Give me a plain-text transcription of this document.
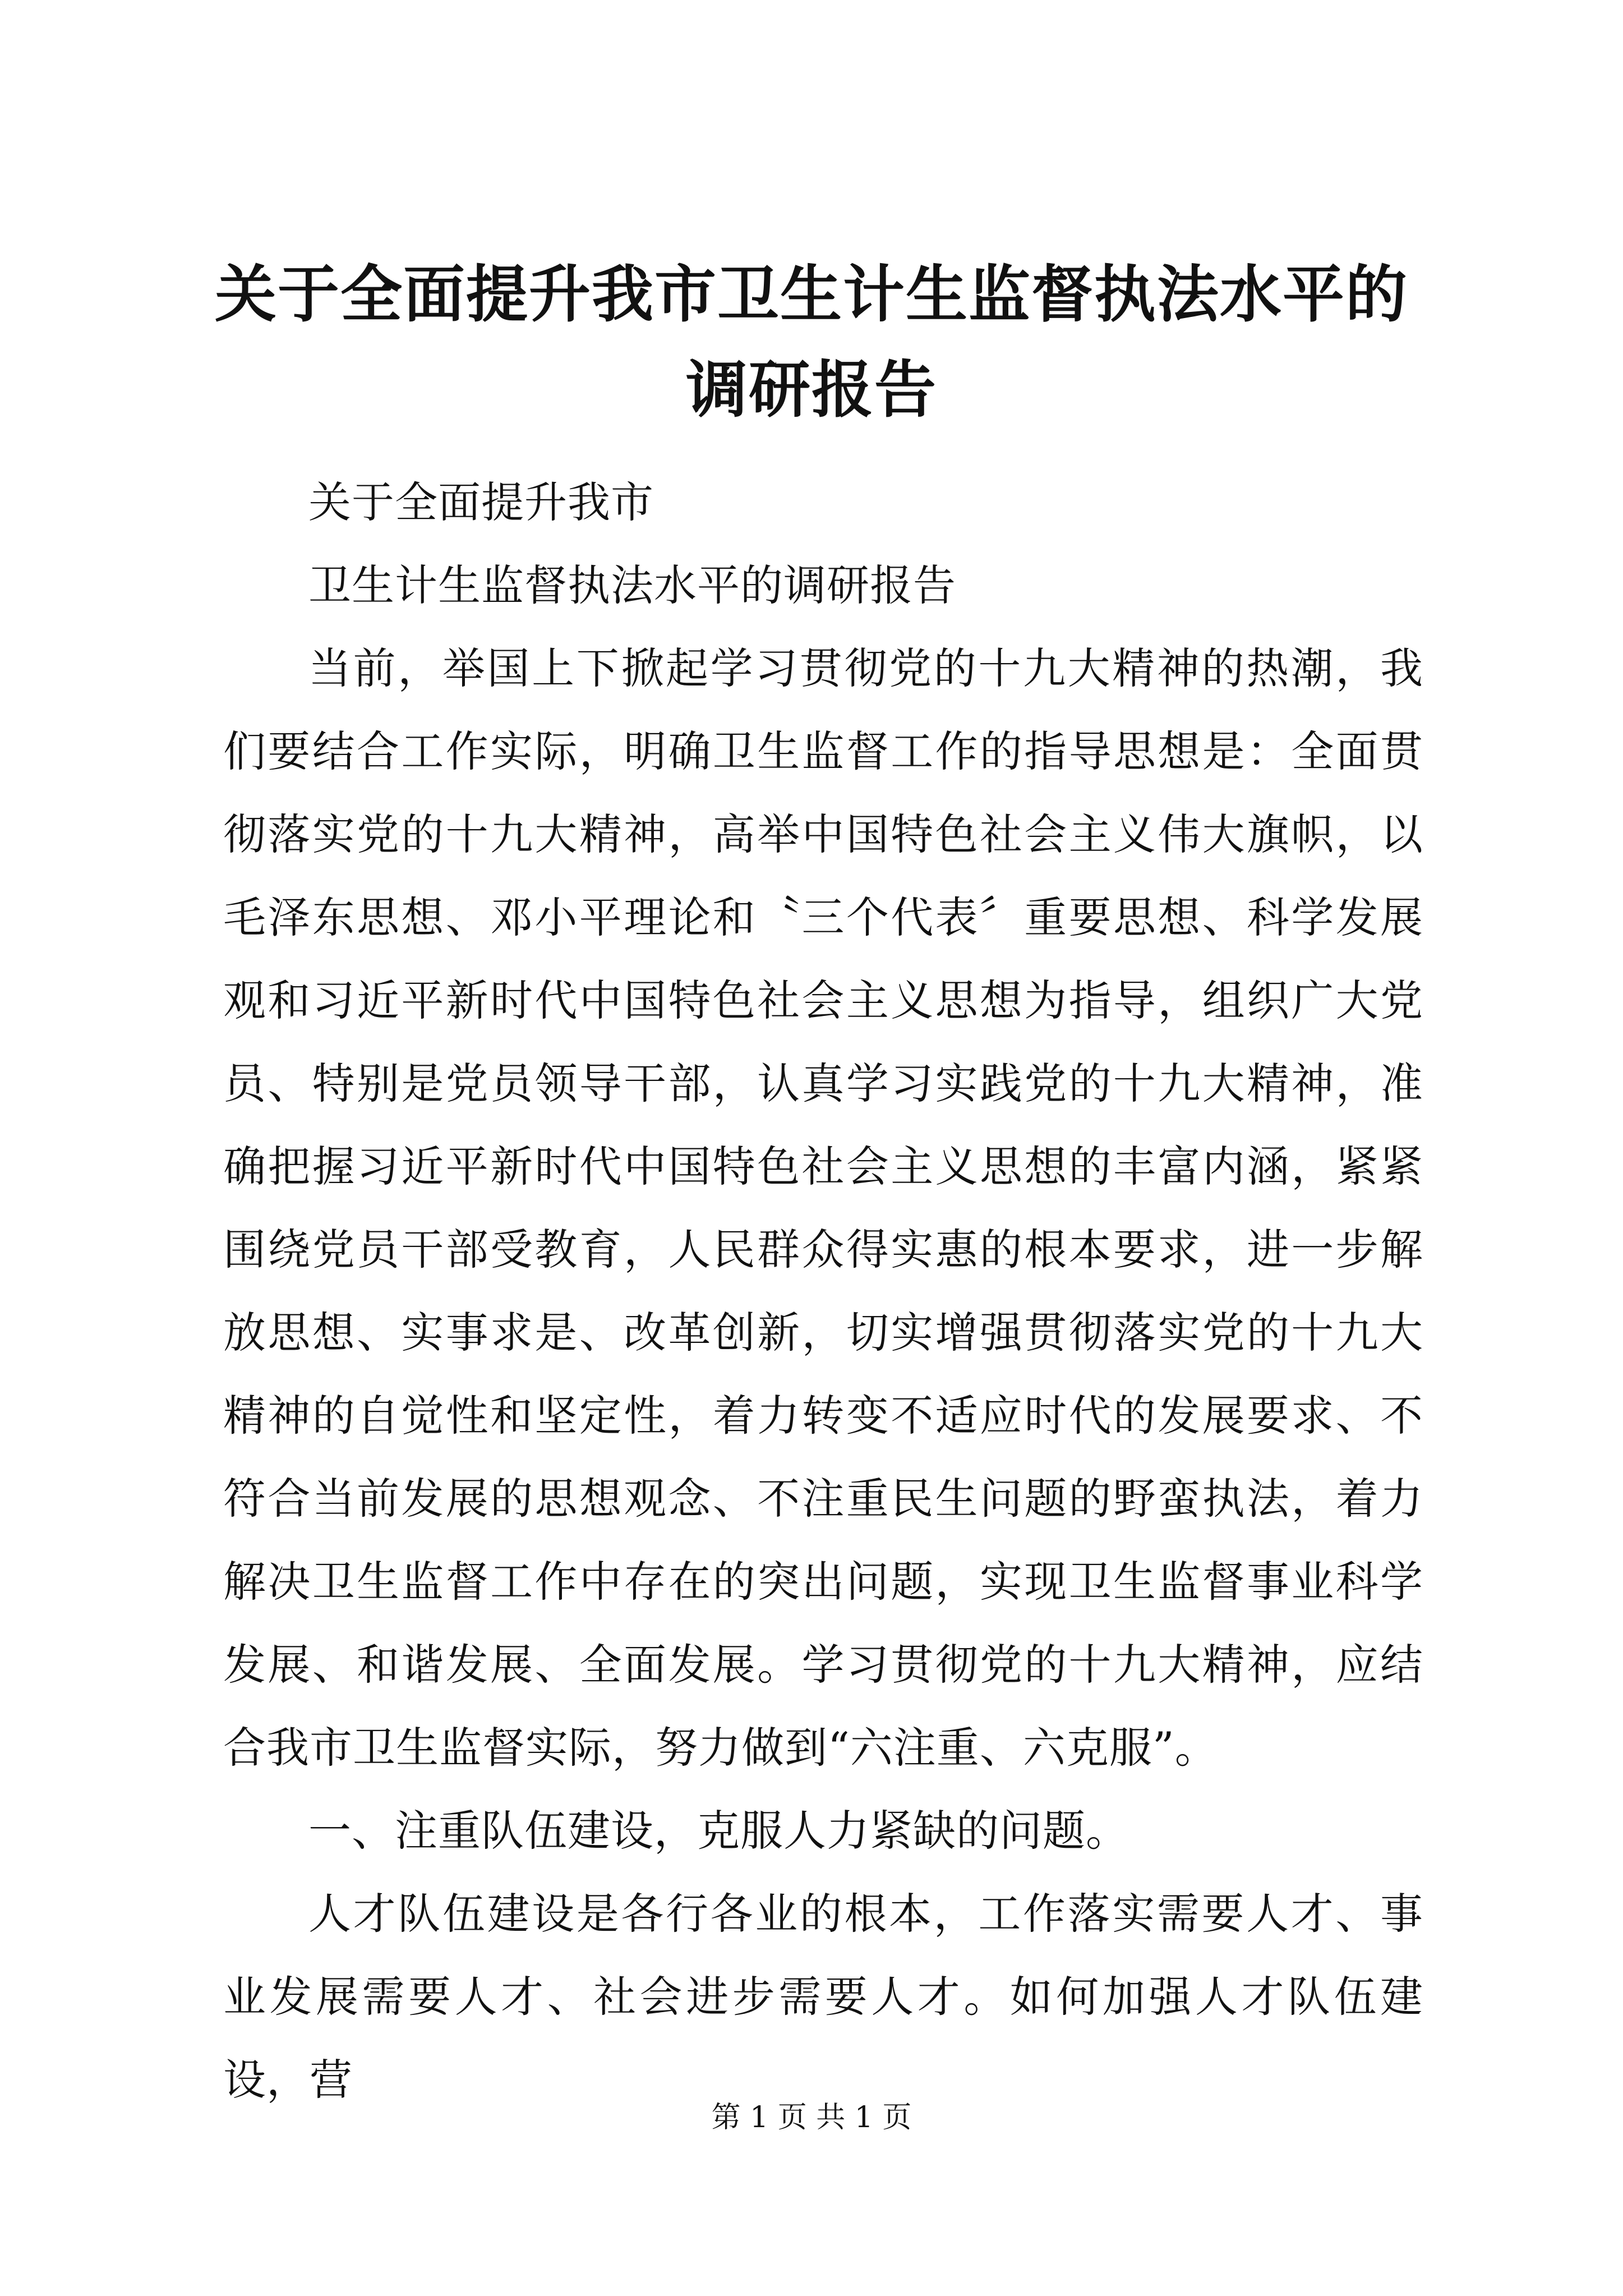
关于全面提升我市卫生计生监督执法水平的调研报告

关于全面提升我市

卫生计生监督执法水平的调研报告

当前，举国上下掀起学习贯彻党的十九大精神的热潮，我们要结合工作实际，明确卫生监督工作的指导思想是：全面贯彻落实党的十九大精神，高举中国特色社会主义伟大旗帜，以毛泽东思想、邓小平理论和〝三个代表〞重要思想、科学发展观和习近平新时代中国特色社会主义思想为指导，组织广大党员、特别是党员领导干部，认真学习实践党的十九大精神，准确把握习近平新时代中国特色社会主义思想的丰富内涵，紧紧围绕党员干部受教育，人民群众得实惠的根本要求，进一步解放思想、实事求是、改革创新，切实增强贯彻落实党的十九大精神的自觉性和坚定性，着力转变不适应时代的发展要求、不符合当前发展的思想观念、不注重民生问题的野蛮执法，着力解决卫生监督工作中存在的突出问题，实现卫生监督事业科学发展、和谐发展、全面发展。学习贯彻党的十九大精神，应结合我市卫生监督实际，努力做到“六注重、六克服”。

一、注重队伍建设，克服人力紧缺的问题。

人才队伍建设是各行各业的根本，工作落实需要人才、事业发展需要人才、社会进步需要人才。如何加强人才队伍建设，营

第 1 页 共 1 页
